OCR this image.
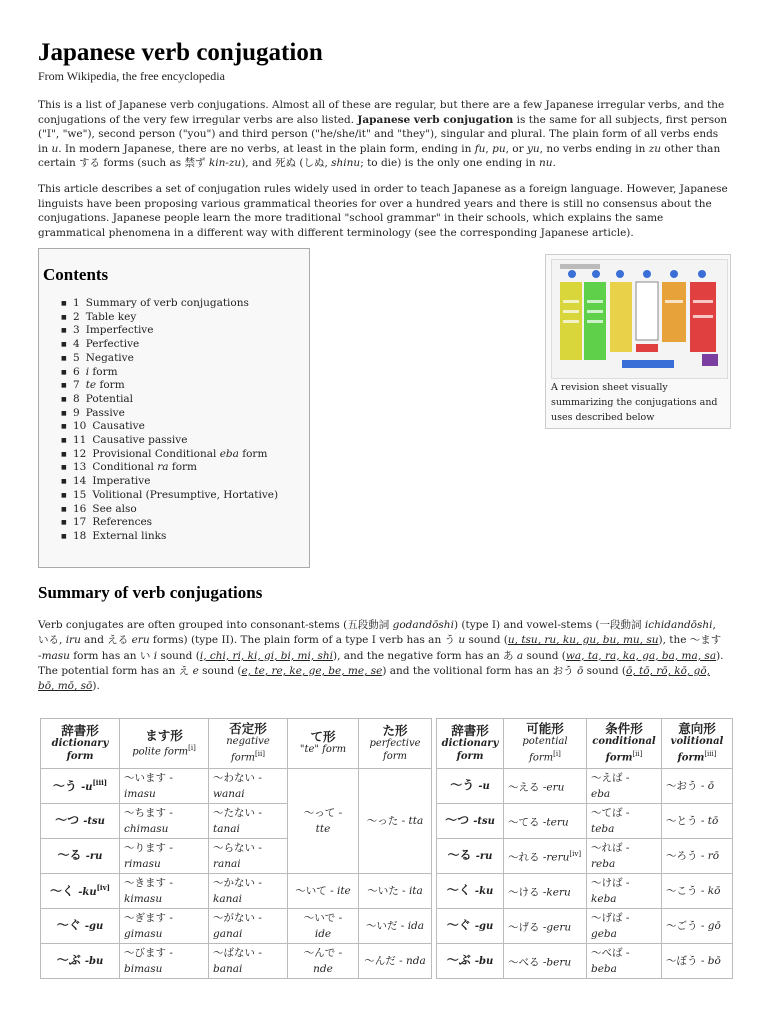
Japanese verb conjugation
From Wikipedia, the free encyclopedia

This is a list of Japanese verb conjugations. Almost all of these are regular, but there are a few Japanese irregular verbs, and the conjugations of the very few irregular verbs are also listed. Japanese verb conjugation is the same for all subjects, first person ("I", "we"), second person ("you") and third person ("he/she/it" and "they"), singular and plural. The plain form of all verbs ends in u. In modern Japanese, there are no verbs, at least in the plain form, ending in fu, pu, or yu, no verbs ending in zu other than certain する forms (such as 禁ず kin-zu), and 死ぬ (しぬ, shinu; to die) is the only one ending in nu.

This article describes a set of conjugation rules widely used in order to teach Japanese as a foreign language. However, Japanese linguists have been proposing various grammatical theories for over a hundred years and there is still no consensus about the conjugations. Japanese people learn the more traditional "school grammar" in their schools, which explains the same grammatical phenomena in a different way with different terminology (see the corresponding Japanese article).

Contents
■ 1 Summary of verb conjugations
■ 2 Table key
■ 3 Imperfective
■ 4 Perfective
■ 5 Negative
■ 6 i form
■ 7 te form
■ 8 Potential
■ 9 Passive
■ 10 Causative
■ 11 Causative passive
■ 12 Provisional Conditional eba form
■ 13 Conditional ra form
■ 14 Imperative
■ 15 Volitional (Presumptive, Hortative)
■ 16 See also
■ 17 References
■ 18 External links
A revision sheet visually summarizing the conjugations and uses described below
Summary of verb conjugations

Verb conjugates are often grouped into consonant-stems (五段動詞 godandōshi) (type I) and vowel-stems (一段動詞 ichidandōshi, いる, iru and える eru forms) (type II). The plain form of a type I verb has an う u sound (u, tsu, ru, ku, gu, bu, mu, su), the 〜ます -masu form has an い i sound (i, chi, ri, ki, gi, bi, mi, shi), and the negative form has an あ a sound (wa, ta, ra, ka, ga, ba, ma, sa). The potential form has an え e sound (e, te, re, ke, ge, be, me, se) and the volitional form has an おう ō sound (ō, tō, rō, kō, gō, bō, mō, sō).

辞書形
dictionary form	ます形
polite form[i]	否定形
negative form[ii]	て形
"te" form	た形
perfective form
〜う -u[iii]	〜います -
imasu	〜わない -
wanai	〜って -
tte	〜った - tta
〜つ -tsu	〜ちます -
chimasu	〜たない -
tanai		
〜る -ru	〜ります -
rimasu	〜らない -
ranai		
〜く -ku[iv]	〜きます -
kimasu	〜かない -
kanai	〜いて - ite	〜いた - ita
〜ぐ -gu	〜ぎます -
gimasu	〜がない -
ganai	〜いで -
ide	〜いだ - ida
〜ぶ -bu	〜びます -
bimasu	〜ばない -
banai	〜んで -
nde	〜んだ - nda
辞書形
dictionary form	可能形
potential form[i]	条件形
conditional form[ii]	意向形
volitional form[iii]
〜う -u	〜える -eru	〜えば -
eba	〜おう - ō
〜つ -tsu	〜てる -teru	〜てば -
teba	〜とう - tō
〜る -ru	〜れる -reru[iv]	〜れば -
reba	〜ろう - rō
〜く -ku	〜ける -keru	〜けば -
keba	〜こう - kō
〜ぐ -gu	〜げる -geru	〜げば -
geba	〜ごう - gō
〜ぶ -bu	〜べる -beru	〜べば -
beba	〜ぼう - bō
